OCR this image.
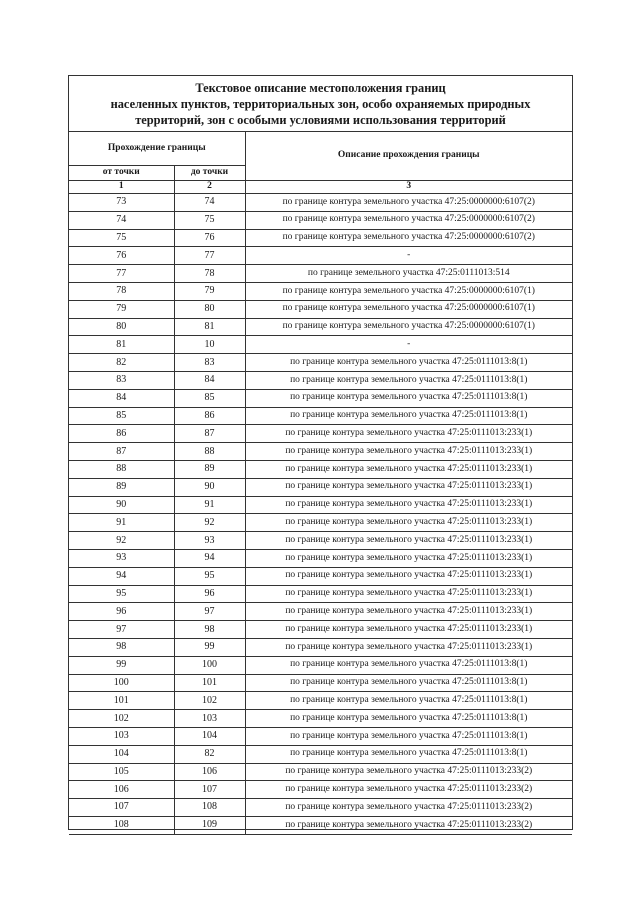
Текстовое описание местоположения границ
населенных пунктов, территориальных зон, особо охраняемых природных
территорий, зон с особыми условиями использования территорий
Прохождение границы		Описание прохождения границы
от точки	до точки	
1	2	3
73	74	по границе контура земельного участка 47:25:0000000:6107(2)
74	75	по границе контура земельного участка 47:25:0000000:6107(2)
75	76	по границе контура земельного участка 47:25:0000000:6107(2)
76	77	-
77	78	по границе земельного участка 47:25:0111013:514
78	79	по границе контура земельного участка 47:25:0000000:6107(1)
79	80	по границе контура земельного участка 47:25:0000000:6107(1)
80	81	по границе контура земельного участка 47:25:0000000:6107(1)
81	10	-
82	83	по границе контура земельного участка 47:25:0111013:8(1)
83	84	по границе контура земельного участка 47:25:0111013:8(1)
84	85	по границе контура земельного участка 47:25:0111013:8(1)
85	86	по границе контура земельного участка 47:25:0111013:8(1)
86	87	по границе контура земельного участка 47:25:0111013:233(1)
87	88	по границе контура земельного участка 47:25:0111013:233(1)
88	89	по границе контура земельного участка 47:25:0111013:233(1)
89	90	по границе контура земельного участка 47:25:0111013:233(1)
90	91	по границе контура земельного участка 47:25:0111013:233(1)
91	92	по границе контура земельного участка 47:25:0111013:233(1)
92	93	по границе контура земельного участка 47:25:0111013:233(1)
93	94	по границе контура земельного участка 47:25:0111013:233(1)
94	95	по границе контура земельного участка 47:25:0111013:233(1)
95	96	по границе контура земельного участка 47:25:0111013:233(1)
96	97	по границе контура земельного участка 47:25:0111013:233(1)
97	98	по границе контура земельного участка 47:25:0111013:233(1)
98	99	по границе контура земельного участка 47:25:0111013:233(1)
99	100	по границе контура земельного участка 47:25:0111013:8(1)
100	101	по границе контура земельного участка 47:25:0111013:8(1)
101	102	по границе контура земельного участка 47:25:0111013:8(1)
102	103	по границе контура земельного участка 47:25:0111013:8(1)
103	104	по границе контура земельного участка 47:25:0111013:8(1)
104	82	по границе контура земельного участка 47:25:0111013:8(1)
105	106	по границе контура земельного участка 47:25:0111013:233(2)
106	107	по границе контура земельного участка 47:25:0111013:233(2)
107	108	по границе контура земельного участка 47:25:0111013:233(2)
108	109	по границе контура земельного участка 47:25:0111013:233(2)
